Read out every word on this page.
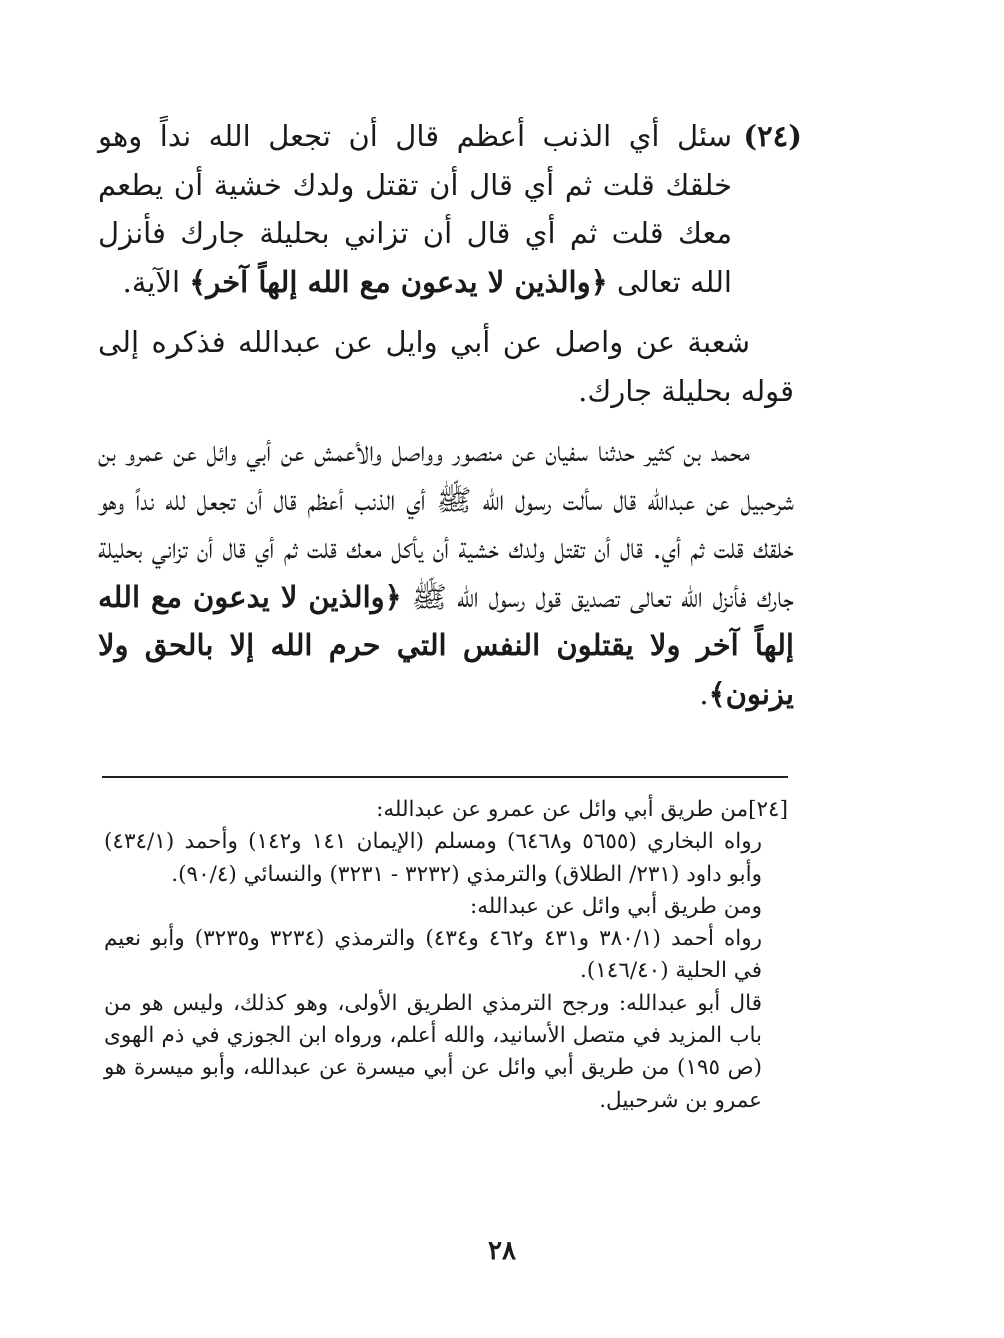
(٢٤)
سئل أي الذنب أعظم قال أن تجعل الله نداً وهو خلقك قلت ثم أي قال أن تقتل ولدك خشية أن يطعم معك قلت ثم أي قال أن تزاني بحليلة جارك فأنزل الله تعالى ﴿والذين لا يدعون مع الله إلهاً آخر﴾ الآية.

شعبة عن واصل عن أبي وايل عن عبدالله فذكره إلى قوله بحليلة جارك.

محمد بن كثير حدثنا سفيان عن منصور وواصل والأعمش عن أبي وائل عن عمرو بن شرحبيل عن عبدالله قال سألت رسول الله ﷺ أي الذنب أعظم قال أن تجعل لله نداً وهو خلقك قلت ثم أي. قال أن تقتل ولدك خشية أن يأكل معك قلت ثم أي قال أن تزاني بحليلة جارك فأنزل الله تعالى تصديق قول رسول الله ﷺ ﴿والذين لا يدعون مع الله إلهاً آخر ولا يقتلون النفس التي حرم الله إلا بالحق ولا يزنون﴾.

[٢٤]من طريق أبي وائل عن عمرو عن عبدالله:

رواه البخاري (٥٦٥٥ و٦٤٦٨) ومسلم (الإيمان ١٤١ و١٤٢) وأحمد (٤٣٤/١) وأبو داود (٢٣١/ الطلاق) والترمذي (٣٢٣٢ - ٣٢٣١) والنسائي (٩٠/٤).

ومن طريق أبي وائل عن عبدالله:

رواه أحمد (٣٨٠/١ و٤٣١ و٤٦٢ و٤٣٤) والترمذي (٣٢٣٤ و٣٢٣٥) وأبو نعيم في الحلية (١٤٦/٤٠).

قال أبو عبدالله: ورجح الترمذي الطريق الأولى، وهو كذلك، وليس هو من باب المزيد في متصل الأسانيد، والله أعلم، ورواه ابن الجوزي في ذم الهوى (ص ١٩٥) من طريق أبي وائل عن أبي ميسرة عن عبدالله، وأبو ميسرة هو عمرو بن شرحبيل.

٢٨
